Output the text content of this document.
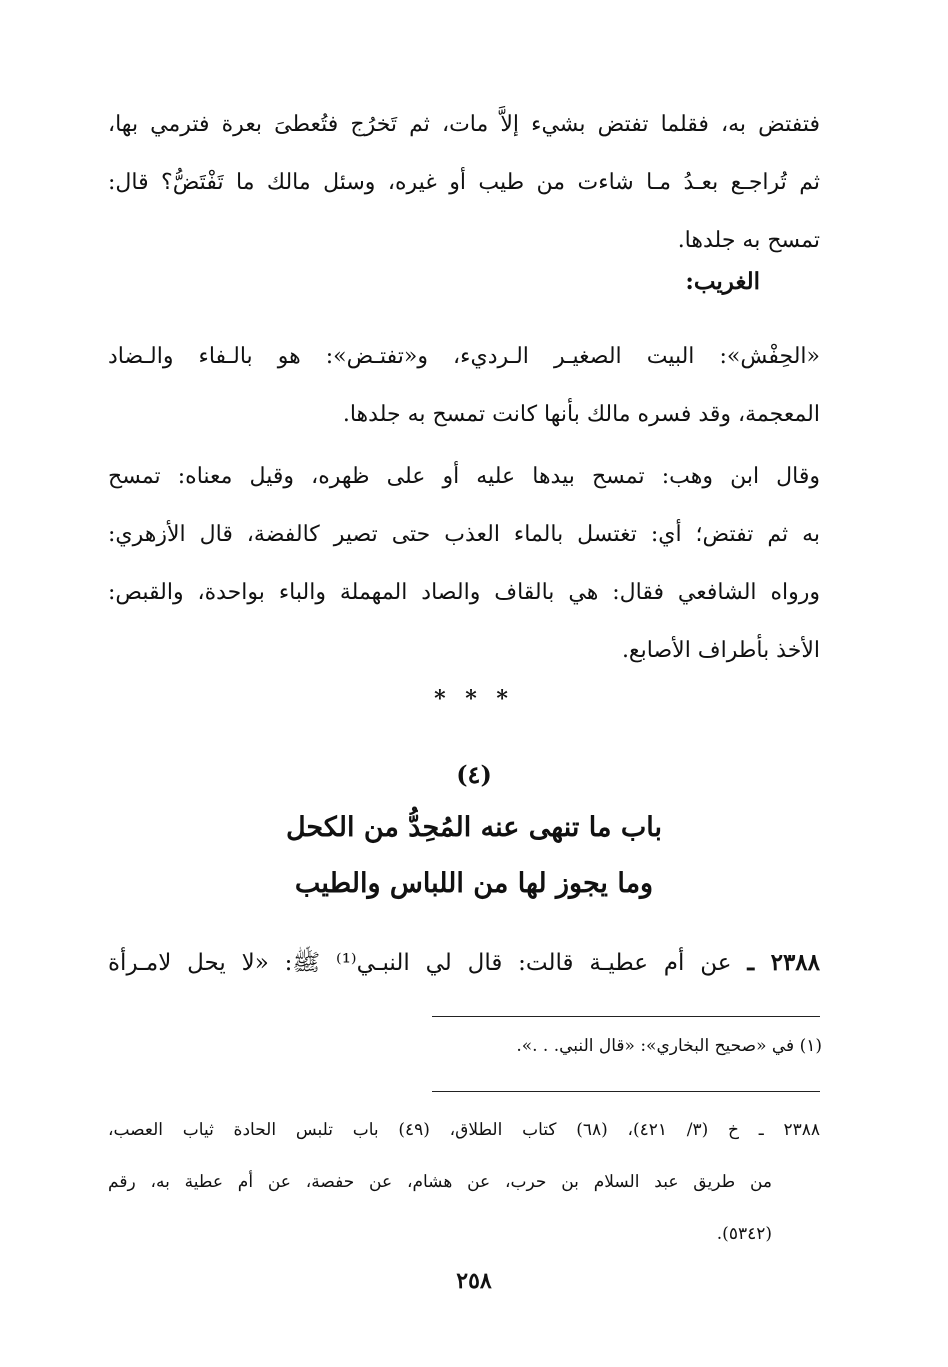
فتفتض به، فقلما تفتض بشيء إلاَّ مات، ثم تَخرُج فتُعطىَ بعرة فترمي بها،
ثم تُراجـع بعـدُ مـا شاءت من طيب أو غيره، وسئل مالك ما تَفْتَضُّ؟ قال:
تمسح به جلدها.
الغريب:
«الحِفْش»: البيت الصغيـر الـرديء، و«تفتـض»: هو بالـفاء والـضاد
المعجمة، وقد فسره مالك بأنها كانت تمسح به جلدها.
وقال ابن وهب: تمسح بيدها عليه أو على ظهره، وقيل معناه: تمسح
به ثم تفتض؛ أي: تغتسل بالماء العذب حتى تصير كالفضة، قال الأزهري:
ورواه الشافعي فقال: هي بالقاف والصاد المهملة والباء بواحدة، والقبص:
الأخذ بأطراف الأصابع.
* * *
(٤)
باب ما تنهى عنه المُحِدُّ من الكحل
وما يجوز لها من اللباس والطيب
٢٣٨٨ ـ عن أم عطيـة قالت: قال لي النبـي⁽¹⁾ ﷺ: «لا يحل لامـرأة
(١) في «صحيح البخاري»: «قال النبي. . .».
٢٣٨٨ ـ خ (٣/ ٤٢١)، (٦٨) كتاب الطلاق، (٤٩) باب تلبس الحادة ثياب العصب،
من طريق عبد السلام بن حرب، عن هشام، عن حفصة، عن أم عطية به، رقم
(٥٣٤٢).
٢٥٨
